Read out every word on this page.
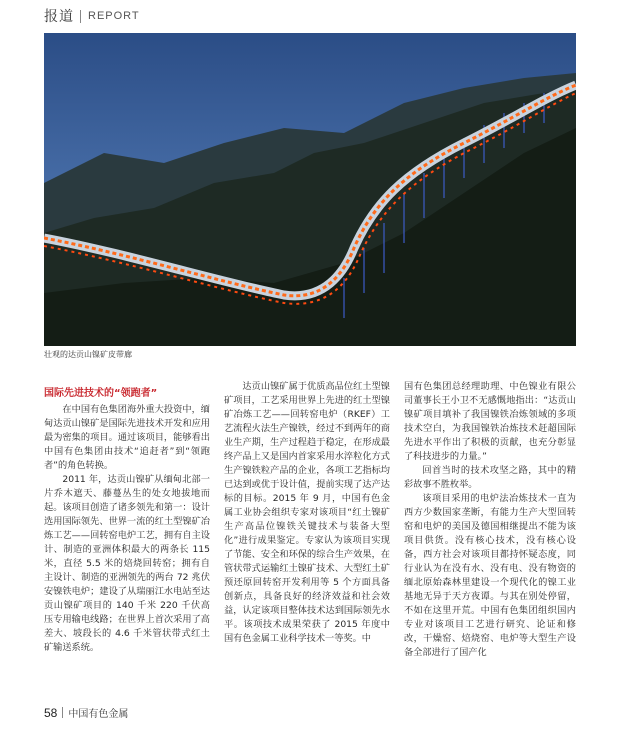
报道 REPORT
壮观的达贡山镍矿皮带廊

国际先进技术的“领跑者”

在中国有色集团海外重大投资中，缅甸达贡山镍矿是国际先进技术开发和应用最为密集的项目。通过该项目，能够看出中国有色集团由技术“追赶者”到“领跑者”的角色转换。

2011 年，达贡山镍矿从缅甸北部一片乔木遮天、藤蔓丛生的处女地拔地而起。该项目创造了诸多领先和第一：设计选用国际领先、世界一流的红土型镍矿冶炼工艺——回转窑电炉工艺，拥有自主设计、制造的亚洲体积最大的两条长 115 米，直径 5.5 米的焙烧回转窑；拥有自主设计、制造的亚洲领先的两台 72 兆伏安镍铁电炉；建设了从瑞丽江水电站至达贡山镍矿项目的 140 千米 220 千伏高压专用输电线路；在世界上首次采用了高差大、坡段长的 4.6 千米管状带式红土矿输送系统。

达贡山镍矿属于优质高品位红土型镍矿项目，工艺采用世界上先进的红土型镍矿冶炼工艺——回转窑电炉（RKEF）工艺流程火法生产镍铁，经过不到两年的商业生产期，生产过程趋于稳定，在形成最终产品上又是国内首家采用水淬粒化方式生产镍铁粒产品的企业，各项工艺指标均已达到或优于设计值，提前实现了达产达标的目标。2015 年 9 月，中国有色金属工业协会组织专家对该项目“红土镍矿生产高品位镍铁关键技术与装备大型化”进行成果鉴定。专家认为该项目实现了节能、安全和环保的综合生产效果，在管状带式运输红土镍矿技术、大型红土矿预还原回转窑开发利用等 5 个方面具备创新点，具备良好的经济效益和社会效益，认定该项目整体技术达到国际领先水平。该项技术成果荣获了 2015 年度中国有色金属工业科学技术一等奖。中

国有色集团总经理助理、中色镍业有限公司董事长王小卫不无感慨地指出：“达贡山镍矿项目填补了我国镍铁冶炼领域的多项技术空白，为我国镍铁冶炼技术赶超国际先进水平作出了积极的贡献，也充分彰显了科技进步的力量。”

回首当时的技术攻坚之路，其中的精彩故事不胜枚举。

该项目采用的电炉法冶炼技术一直为西方少数国家垄断，有能力生产大型回转窑和电炉的美国及德国相继提出不能为该项目供货。没有核心技术，没有核心设备，西方社会对该项目都持怀疑态度，同行业认为在没有水、没有电、没有物资的缅北原始森林里建设一个现代化的镍工业基地无异于天方夜谭。与其在别处停留，不如在这里开荒。中国有色集团组织国内专业对该项目工艺进行研究、论证和修改，干燥窑、焙烧窑、电炉等大型生产设备全部进行了国产化

58 中国有色金属
